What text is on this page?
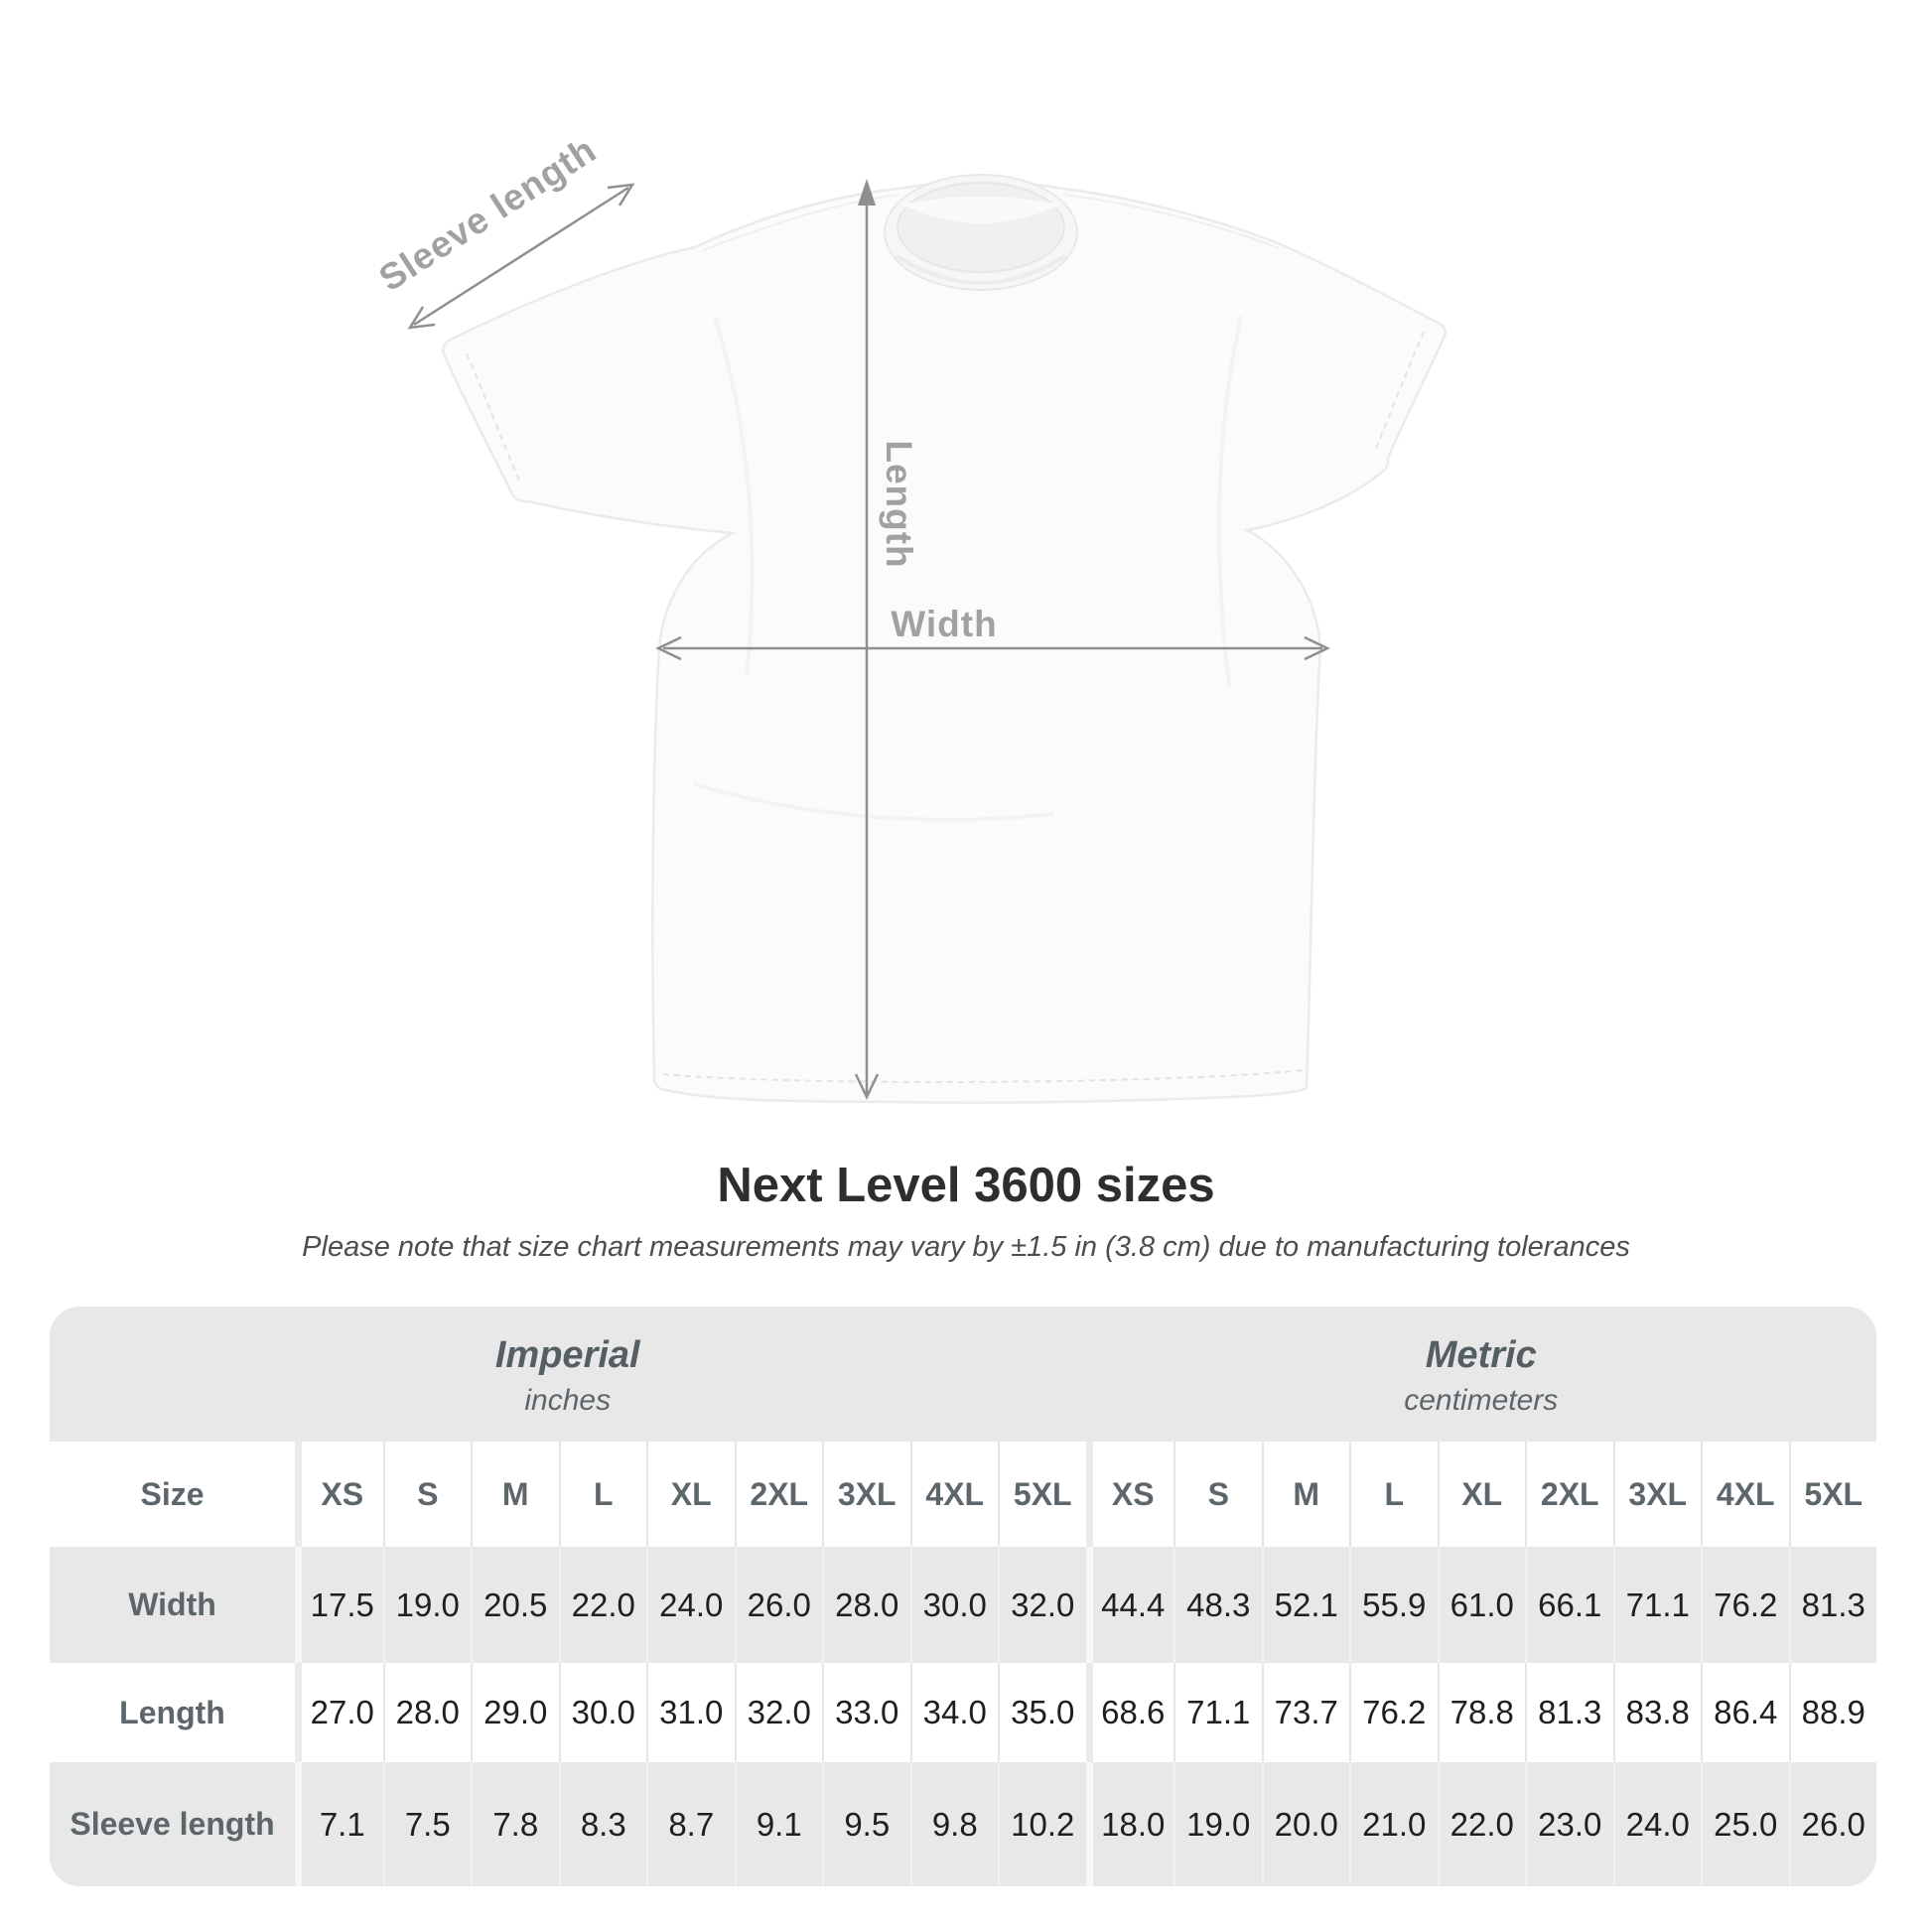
Sleeve length
Length
Width
Next Level 3600 sizes
Please note that size chart measurements may vary by ±1.5 in (3.8 cm) due to manufacturing tolerances
Imperial
inches
Metric
centimeters
Size	XS	S	M	L	XL	2XL 3XL 4XL 5XL	XS	S	M	L	XL	2XL 3XL 4XL 5XL
Width	17.5 19.0 20.5 22.0 24.0 26.0 28.0 30.0 32.0 44.4 48.3 52.1 55.9 61.0 66.1 71.1 76.2 81.3
Length	27.0 28.0 29.0 30.0 31.0 32.0 33.0 34.0 35.0 68.6 71.1 73.7 76.2 78.8 81.3 83.8 86.4 88.9
Sleeve length	7.1	7.5	7.8	8.3	8.7	9.1	9.5	9.8	10.2 18.0 19.0 20.0 21.0 22.0 23.0 24.0 25.0 26.0
